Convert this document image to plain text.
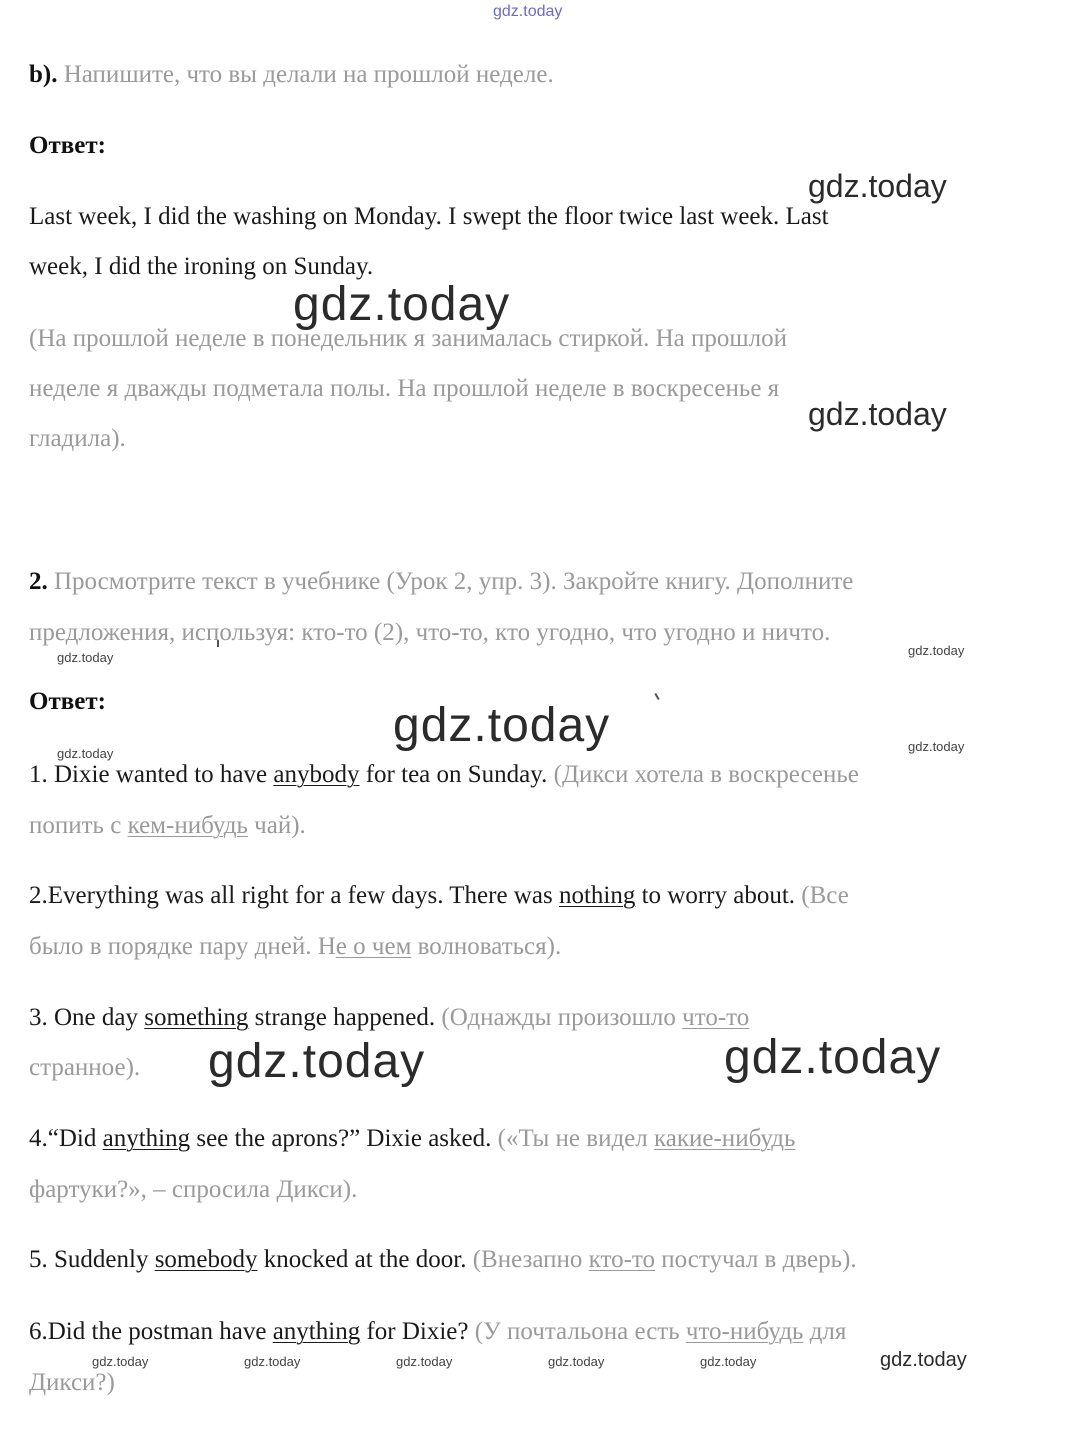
gdz.today
gdz.today
gdz.today
gdz.today
gdz.today	gdz.today
gdz.today
gdz.today	gdz.today
gdz.today	gdz.today
gdz.today	gdz.today	gdz.today	gdz.today	gdz.today	gdz.today
b). Напишите, что вы делали на прошлой неделе.
Ответ:
Last week, I did the washing on Monday. I swept the floor twice last week. Last
week, I did the ironing on Sunday.
(На прошлой неделе в понедельник я занималась стиркой. На прошлой
неделе я дважды подметала полы. На прошлой неделе в воскресенье я
гладила).
2. Просмотрите текст в учебнике (Урок 2, упр. 3). Закройте книгу. Дополните
предложения, используя: кто-то (2), что-то, кто угодно, что угодно и ничто.
Ответ:
1. Dixie wanted to have anybody for tea on Sunday. (Дикси хотела в воскресенье
попить с кем-нибудь чай).
2.Everything was all right for a few days. There was nothing to worry about. (Все
было в порядке пару дней. Не о чем волноваться).
3. One day something strange happened. (Однажды произошло что-то
странное).
4.“Did anything see the aprons?” Dixie asked. («Ты не видел какие-нибудь
фартуки?», – спросила Дикси).
5. Suddenly somebody knocked at the door. (Внезапно кто-то постучал в дверь).
6.Did the postman have anything for Dixie? (У почтальона есть что-нибудь для
Дикси?)
